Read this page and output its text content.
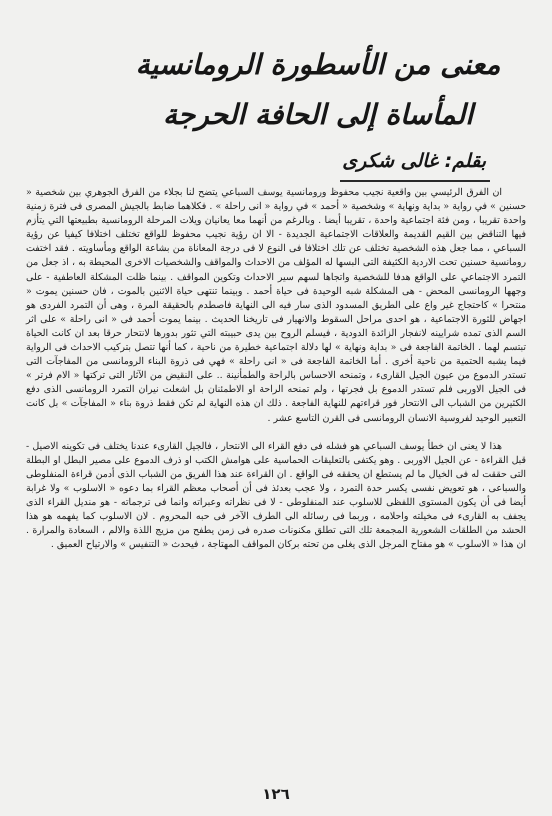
معنى من الأسطورة الرومانسية
المأساة إلى الحافة الحرجة
بقلم: غالى شكرى

ان الفرق الرئيسي بين واقعية نجيب محفوظ ورومانسية يوسف السباعي يتضح لنا بجلاء من الفرق الجوهري بين شخصية « حسنين » في رواية « بداية ونهاية » وشخصية « أحمد » في رواية « انى راحلة » . فكلاهما ضابط بالجيش المصرى فى فترة زمنية واحدة تقريبا ، ومن فئة اجتماعية واحدة ، تقريبا أيضا . وبالرغم من أنهما معا يعانيان ويلات المرحلة الرومانسية بطبيعتها التي يتأزم فيها التناقض بين القيم القديمة والعلاقات الاجتماعية الجديدة - الا ان رؤية نجيب محفوظ للواقع تختلف اختلافا كيفيا عن رؤية السباعي ، مما جعل هذه الشخصية تختلف عن تلك اختلافا فى النوع لا فى درجة المعاناة من بشاعة الواقع ومأساويته . فقد اختفت رومانسية حسنين تحت الاردية الكثيفة التى البسها له المؤلف من الاحداث والمواقف والشخصيات الاخرى المحيطة به ، اذ جعل من التمرد الاجتماعي على الواقع هدفا للشخصية واتجاها لسهم سير الاحداث وتكوين المواقف . بينما ظلت المشكلة العاطفية - على وجهها الرومانسى المحض - هى المشكلة شبه الوحيدة فى حياة أحمد . وبينما تنتهى حياة الاثنين بالموت ، فان حسنين يموت « منتحرا » كاحتجاج غير واع على الطريق المسدود الذى سار فيه الى النهاية فاصطدم بالحقيقة المرة ، وهى أن التمرد الفردى هو اجهاض للثورة الاجتماعية ، هو احدى مراحل السقوط والانهيار فى تاريخنا الحديث . بينما يموت أحمد فى « انى راحلة » على اثر السم الذى تمده شرايينه لانفجار الزائدة الدودية ، فيسلم الروح بين يدى حبيبته التي تثور بدورها لانتحار حرقا بعد ان كانت الحياة تبتسم لهما . الخاتمة الفاجعة فى « بداية ونهاية » لها دلالة اجتماعية خطيرة من ناحية ، كما أنها تتصل بتركيب الاحداث فى الرواية فيما يشبه الحتمية من ناحية أخرى . أما الخاتمة الفاجعة فى « انى راحلة » فهي فى ذروة البناء الرومانسى من المفاجآت التى تستدر الدموع من عيون الجيل القارىء ، وتمنحه الاحساس بالراحة والطمأنينة .. على النقيض من الآثار التى تركتها « الام فرتر » فى الجيل الاوربى فلم تستدر الدموع بل فجرتها ، ولم تمنحه الراحة او الاطمئنان بل اشعلت نيران التمرد الرومانسى الذى دفع الكثيرين من الشباب الى الانتحار فور قراءتهم للنهاية الفاجعة . ذلك ان هذه النهاية لم تكن فقط ذروة بناء « المفاجآت » بل كانت التعبير الوحيد لفروسية الانسان الرومانسى فى القرن التاسع عشر .

هذا لا يعنى ان خطأ يوسف السباعي هو فشله فى دفع القراء الى الانتحار ، فالجيل القارىء عندنا يختلف فى تكوينه الاصيل - قبل القراءة - عن الجيل الاوربى . وهو يكتفى بالتعليقات الحماسية على هوامش الكتب او ذرف الدموع على مصير البطل او البطلة التى حققت له فى الخيال ما لم يستطع ان يحققه فى الواقع . ان القراءة عند هذا الفريق من الشباب الذى أدمن قراءة المنفلوطى والسباعى ، هو تعويض نفسى يكسر حدة التمرد ، ولا عجب بعدئذ فى أن أصحاب معظم القراء بما دعوه « الاسلوب » ولا غرابة أيضا فى أن يكون المستوى اللفظى للاسلوب عند المنفلوطى - لا فى نظراته وعبراته وانما فى ترجماته - هو منديل القراء الذى يجفف به القارىء فى مخيلته واحلامه ، وربما فى رسائله الى الطرف الآخر فى حبه المحروم . لان الاسلوب كما يفهمه هو هذا الحشد من الطلقات الشعورية المجمعة تلك التى تطلق مكنونات صدره فى زمن يطفح من مزيج اللذة والالم ، السعادة والمرارة . ان هذا « الاسلوب » هو مفتاح المرجل الذى يغلى من تحته بركان المواقف المهتاجة ، فيحدث « التنفيس » والارتياح العميق .

١٢٦
